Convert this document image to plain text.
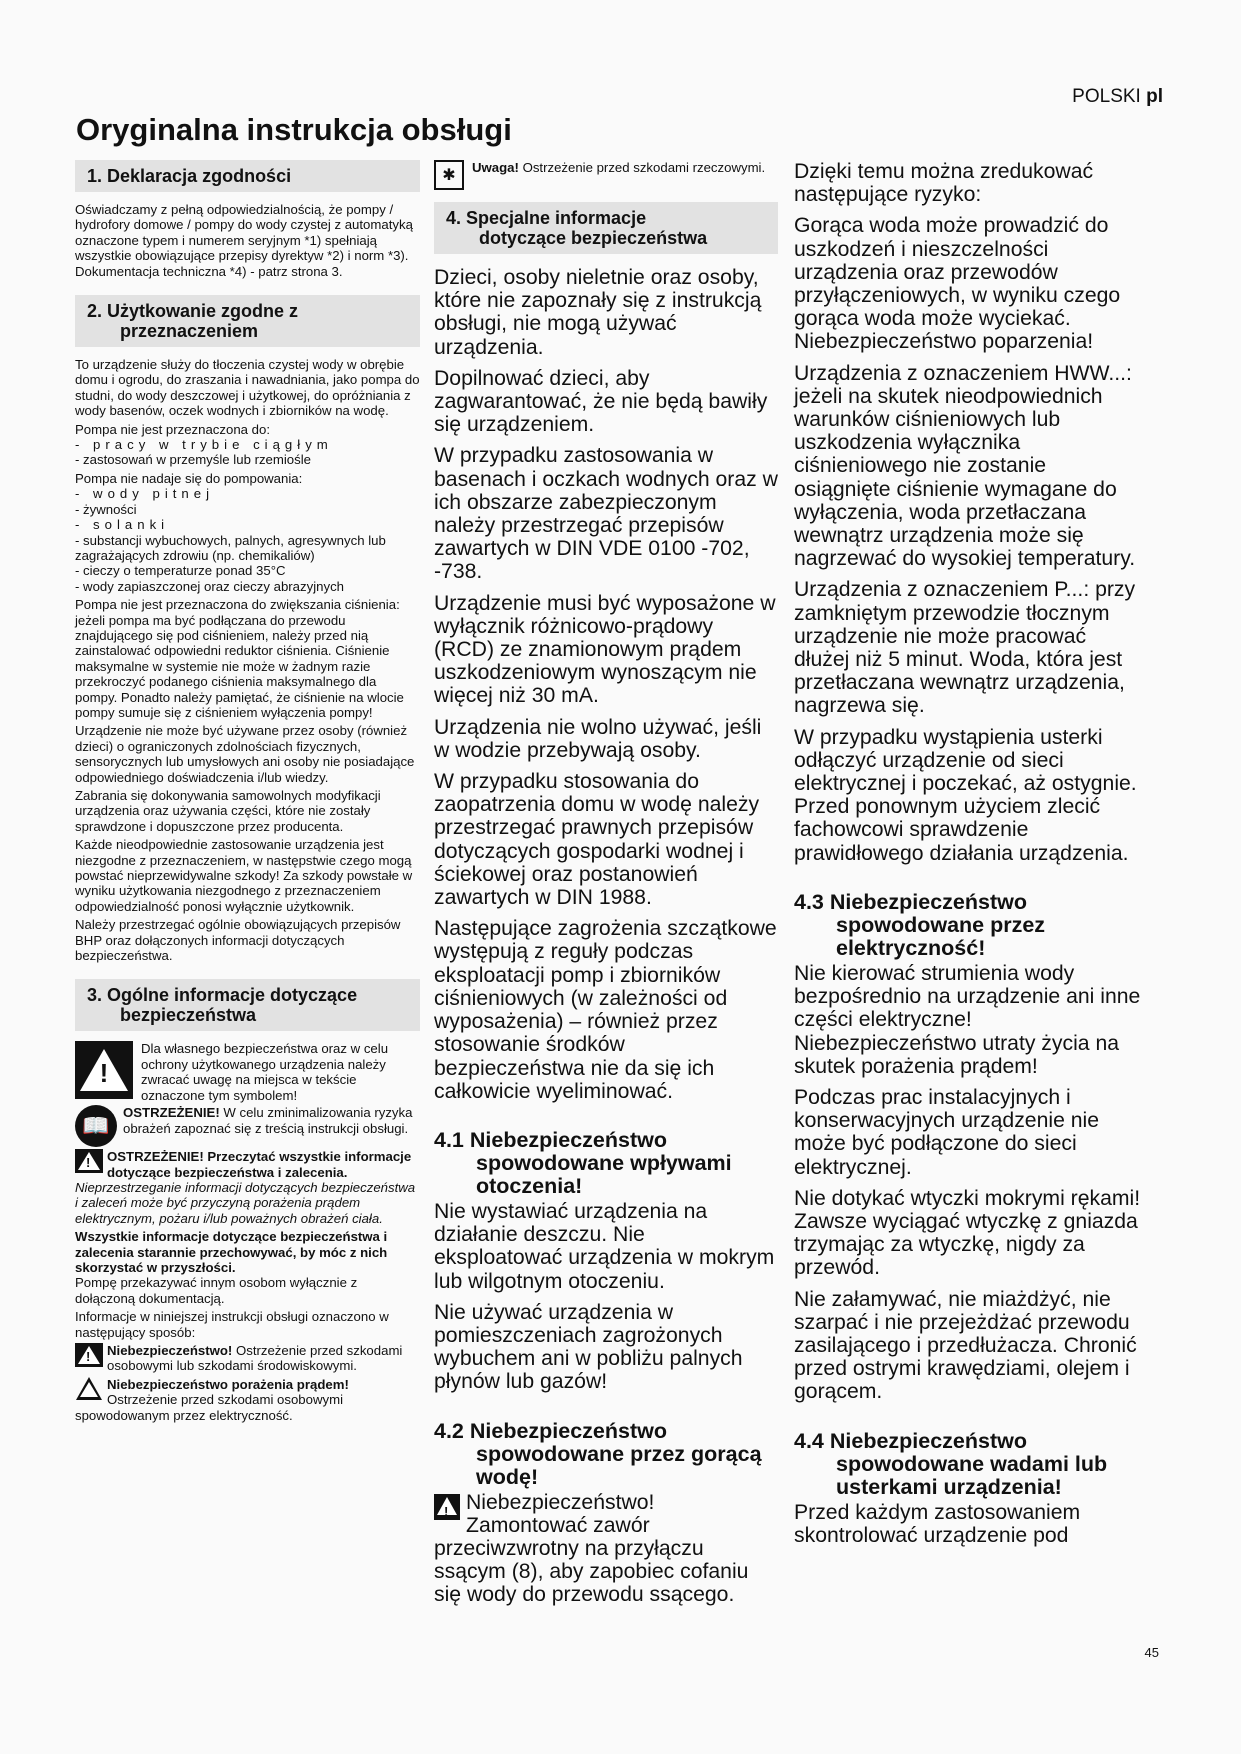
POLSKI pl
Oryginalna instrukcja obsługi
1. Deklaracja zgodności

Oświadczamy z pełną odpowiedzialnością, że pompy / hydrofory domowe / pompy do wody czystej z automatyką oznaczone typem i numerem seryjnym *1) spełniają wszystkie obowiązujące przepisy dyrektyw *2) i norm *3). Dokumentacja techniczna *4) - patrz strona 3.

2. Użytkowanie zgodne z
przeznaczeniem

To urządzenie służy do tłoczenia czystej wody w obrębie domu i ogrodu, do zraszania i nawadniania, jako pompa do studni, do wody deszczowej i użytkowej, do opróżniania z wody basenów, oczek wodnych i zbiorników na wodę.

Pompa nie jest przeznaczona do:
- pracy w trybie ciągłym
- zastosowań w przemyśle lub rzemiośle

Pompa nie nadaje się do pompowania:
- wody pitnej
- żywności
- solanki
- substancji wybuchowych, palnych, agresywnych lub zagrażających zdrowiu (np. chemikaliów)
- cieczy o temperaturze ponad 35°C
- wody zapiaszczonej oraz cieczy abrazyjnych

Pompa nie jest przeznaczona do zwiększania ciśnienia: jeżeli pompa ma być podłączana do przewodu znajdującego się pod ciśnieniem, należy przed nią zainstalować odpowiedni reduktor ciśnienia. Ciśnienie maksymalne w systemie nie może w żadnym razie przekroczyć podanego ciśnienia maksymalnego dla pompy. Ponadto należy pamiętać, że ciśnienie na wlocie pompy sumuje się z ciśnieniem wyłączenia pompy!

Urządzenie nie może być używane przez osoby (również dzieci) o ograniczonych zdolnościach fizycznych, sensorycznych lub umysłowych ani osoby nie posiadające odpowiedniego doświadczenia i/lub wiedzy.

Zabrania się dokonywania samowolnych modyfikacji urządzenia oraz używania części, które nie zostały sprawdzone i dopuszczone przez producenta.

Każde nieodpowiednie zastosowanie urządzenia jest niezgodne z przeznaczeniem, w następstwie czego mogą powstać nieprzewidywalne szkody! Za szkody powstałe w wyniku użytkowania niezgodnego z przeznaczeniem odpowiedzialność ponosi wyłącznie użytkownik.

Należy przestrzegać ogólnie obowiązujących przepisów BHP oraz dołączonych informacji dotyczących bezpieczeństwa.

3. Ogólne informacje dotyczące
bezpieczeństwa
!

Dla własnego bezpieczeństwa oraz w celu ochrony użytkowanego urządzenia należy zwracać uwagę na miejsca w tekście oznaczone tym symbolem!

📖

OSTRZEŻENIE! W celu zminimalizowania ryzyka obrażeń zapoznać się z treścią instrukcji obsługi.

!
OSTRZEŻENIE! Przeczytać wszystkie informacje dotyczące bezpieczeństwa i zalecenia. Nieprzestrzeganie informacji dotyczących bezpieczeństwa i zaleceń może być przyczyną porażenia prądem elektrycznym, pożaru i/lub poważnych obrażeń ciała.

Wszystkie informacje dotyczące bezpieczeństwa i zalecenia starannie przechowywać, by móc z nich skorzystać w przyszłości.
Pompę przekazywać innym osobom wyłącznie z dołączoną dokumentacją.

Informacje w niniejszej instrukcji obsługi oznaczono w następujący sposób:

!
Niebezpieczeństwo! Ostrzeżenie przed szkodami osobowymi lub szkodami środowiskowymi.

Niebezpieczeństwo porażenia prądem!
Ostrzeżenie przed szkodami osobowymi spowodowanym przez elektryczność.

✱	Uwaga! Ostrzeżenie przed szkodami rzeczowymi.

4. Specjalne informacje
dotyczące bezpieczeństwa

Dzieci, osoby nieletnie oraz osoby, które nie zapoznały się z instrukcją obsługi, nie mogą używać urządzenia.

Dopilnować dzieci, aby zagwarantować, że nie będą bawiły się urządzeniem.

W przypadku zastosowania w basenach i oczkach wodnych oraz w ich obszarze zabezpieczonym należy przestrzegać przepisów zawartych w DIN VDE 0100 -702, -738.

Urządzenie musi być wyposażone w wyłącznik różnicowo-prądowy (RCD) ze znamionowym prądem uszkodzeniowym wynoszącym nie więcej niż 30 mA.

Urządzenia nie wolno używać, jeśli w wodzie przebywają osoby.

W przypadku stosowania do zaopatrzenia domu w wodę należy przestrzegać prawnych przepisów dotyczących gospodarki wodnej i ściekowej oraz postanowień zawartych w DIN 1988.

Następujące zagrożenia szczątkowe występują z reguły podczas eksploatacji pomp i zbiorników ciśnieniowych (w zależności od wyposażenia) – również przez stosowanie środków bezpieczeństwa nie da się ich całkowicie wyeliminować.

4.1 Niebezpieczeństwo
spowodowane wpływami otoczenia!

Nie wystawiać urządzenia na działanie deszczu. Nie eksploatować urządzenia w mokrym lub wilgotnym otoczeniu.

Nie używać urządzenia w pomieszczeniach zagrożonych wybuchem ani w pobliżu palnych płynów lub gazów!

4.2 Niebezpieczeństwo
spowodowane przez gorącą wodę!

!
Niebezpieczeństwo!
Zamontować zawór przeciwzwrotny na przyłączu ssącym (8), aby zapobiec cofaniu się wody do przewodu ssącego.

Dzięki temu można zredukować następujące ryzyko:

Gorąca woda może prowadzić do uszkodzeń i nieszczelności urządzenia oraz przewodów przyłączeniowych, w wyniku czego gorąca woda może wyciekać. Niebezpieczeństwo poparzenia!

Urządzenia z oznaczeniem HWW...: jeżeli na skutek nieodpowiednich warunków ciśnieniowych lub uszkodzenia wyłącznika ciśnieniowego nie zostanie osiągnięte ciśnienie wymagane do wyłączenia, woda przetłaczana wewnątrz urządzenia może się nagrzewać do wysokiej temperatury.

Urządzenia z oznaczeniem P...: przy zamkniętym przewodzie tłocznym urządzenie nie może pracować dłużej niż 5 minut. Woda, która jest przetłaczana wewnątrz urządzenia, nagrzewa się.

W przypadku wystąpienia usterki odłączyć urządzenie od sieci elektrycznej i poczekać, aż ostygnie. Przed ponownym użyciem zlecić fachowcowi sprawdzenie prawidłowego działania urządzenia.

4.3 Niebezpieczeństwo
spowodowane przez elektryczność!

Nie kierować strumienia wody bezpośrednio na urządzenie ani inne części elektryczne! Niebezpieczeństwo utraty życia na skutek porażenia prądem!

Podczas prac instalacyjnych i konserwacyjnych urządzenie nie może być podłączone do sieci elektrycznej.

Nie dotykać wtyczki mokrymi rękami! Zawsze wyciągać wtyczkę z gniazda trzymając za wtyczkę, nigdy za przewód.

Nie załamywać, nie miażdżyć, nie szarpać i nie przejeżdżać przewodu zasilającego i przedłużacza. Chronić przed ostrymi krawędziami, olejem i gorącem.

4.4 Niebezpieczeństwo
spowodowane wadami lub usterkami urządzenia!

Przed każdym zastosowaniem skontrolować urządzenie pod

45
